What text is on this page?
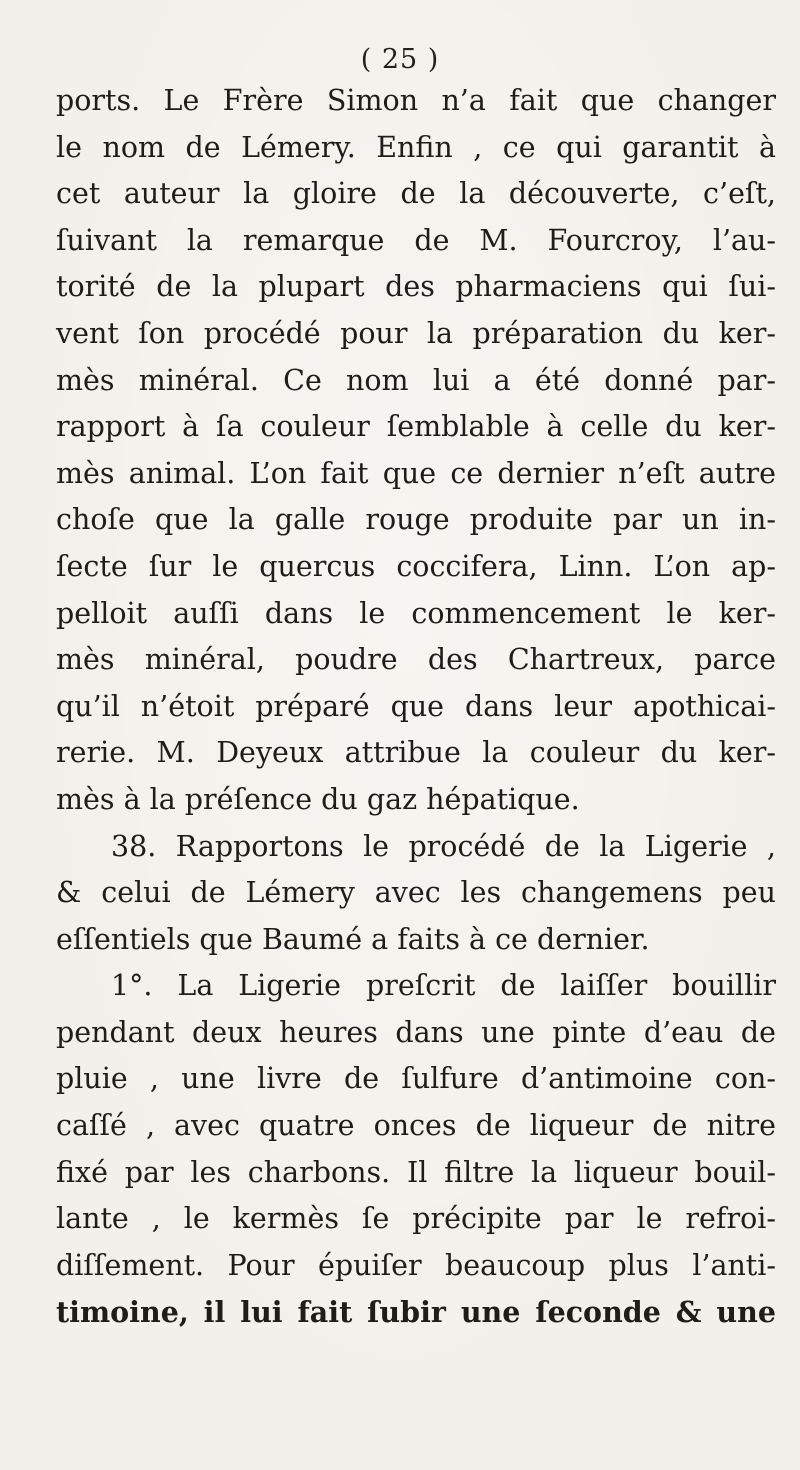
( 25 )
ports. Le Frère Simon n’a fait que changer
le nom de Lémery. Enfin , ce qui garantit à
cet auteur la gloire de la découverte, c’eſt,
ſuivant la remarque de M. Fourcroy, l’au-
torité de la plupart des pharmaciens qui ſui-
vent ſon procédé pour la préparation du ker-
mès minéral. Ce nom lui a été donné par-
rapport à ſa couleur ſemblable à celle du ker-
mès animal. L’on fait que ce dernier n’eſt autre
choſe que la galle rouge produite par un in-
ſecte ſur le quercus coccifera, Linn. L’on ap-
pelloit auſſi dans le commencement le ker-
mès minéral, poudre des Chartreux, parce
qu’il n’étoit préparé que dans leur apothicai-
rerie. M. Deyeux attribue la couleur du ker-
mès à la préſence du gaz hépatique.
38. Rapportons le procédé de la Ligerie ,
& celui de Lémery avec les changemens peu
eſſentiels que Baumé a faits à ce dernier.
1°. La Ligerie preſcrit de laiſſer bouillir
pendant deux heures dans une pinte d’eau de
pluie , une livre de ſulfure d’antimoine con-
caſſé , avec quatre onces de liqueur de nitre
fixé par les charbons. Il filtre la liqueur bouil-
lante , le kermès ſe précipite par le refroi-
diſſement. Pour épuiſer beaucoup plus l’anti-
timoine, il lui fait ſubir une ſeconde & une
